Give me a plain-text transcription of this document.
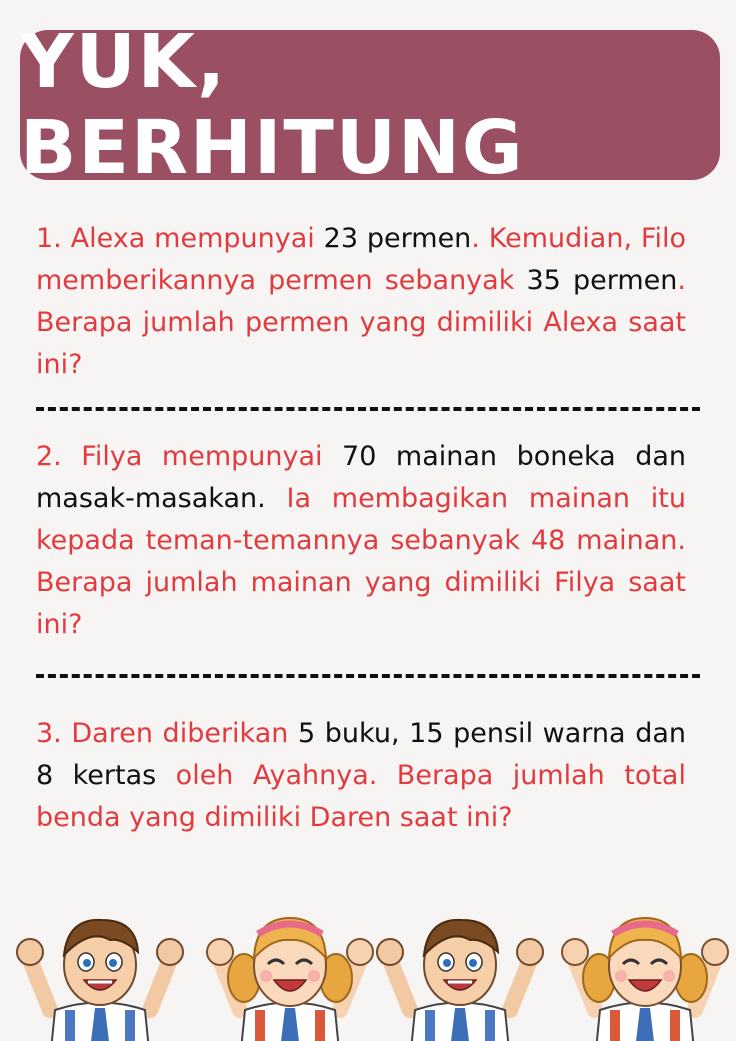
YUK, BERHITUNG
1. Alexa mempunyai 23 permen. Kemudian, Filo memberikannya permen sebanyak 35 permen. Berapa jumlah permen yang dimiliki Alexa saat ini?
2. Filya mempunyai 70 mainan boneka dan masak-masakan. Ia membagikan mainan itu kepada teman-temannya sebanyak 48 mainan. Berapa jumlah mainan yang dimiliki Filya saat ini?
3. Daren diberikan 5 buku, 15 pensil warna dan 8 kertas oleh Ayahnya. Berapa jumlah total benda yang dimiliki Daren saat ini?
